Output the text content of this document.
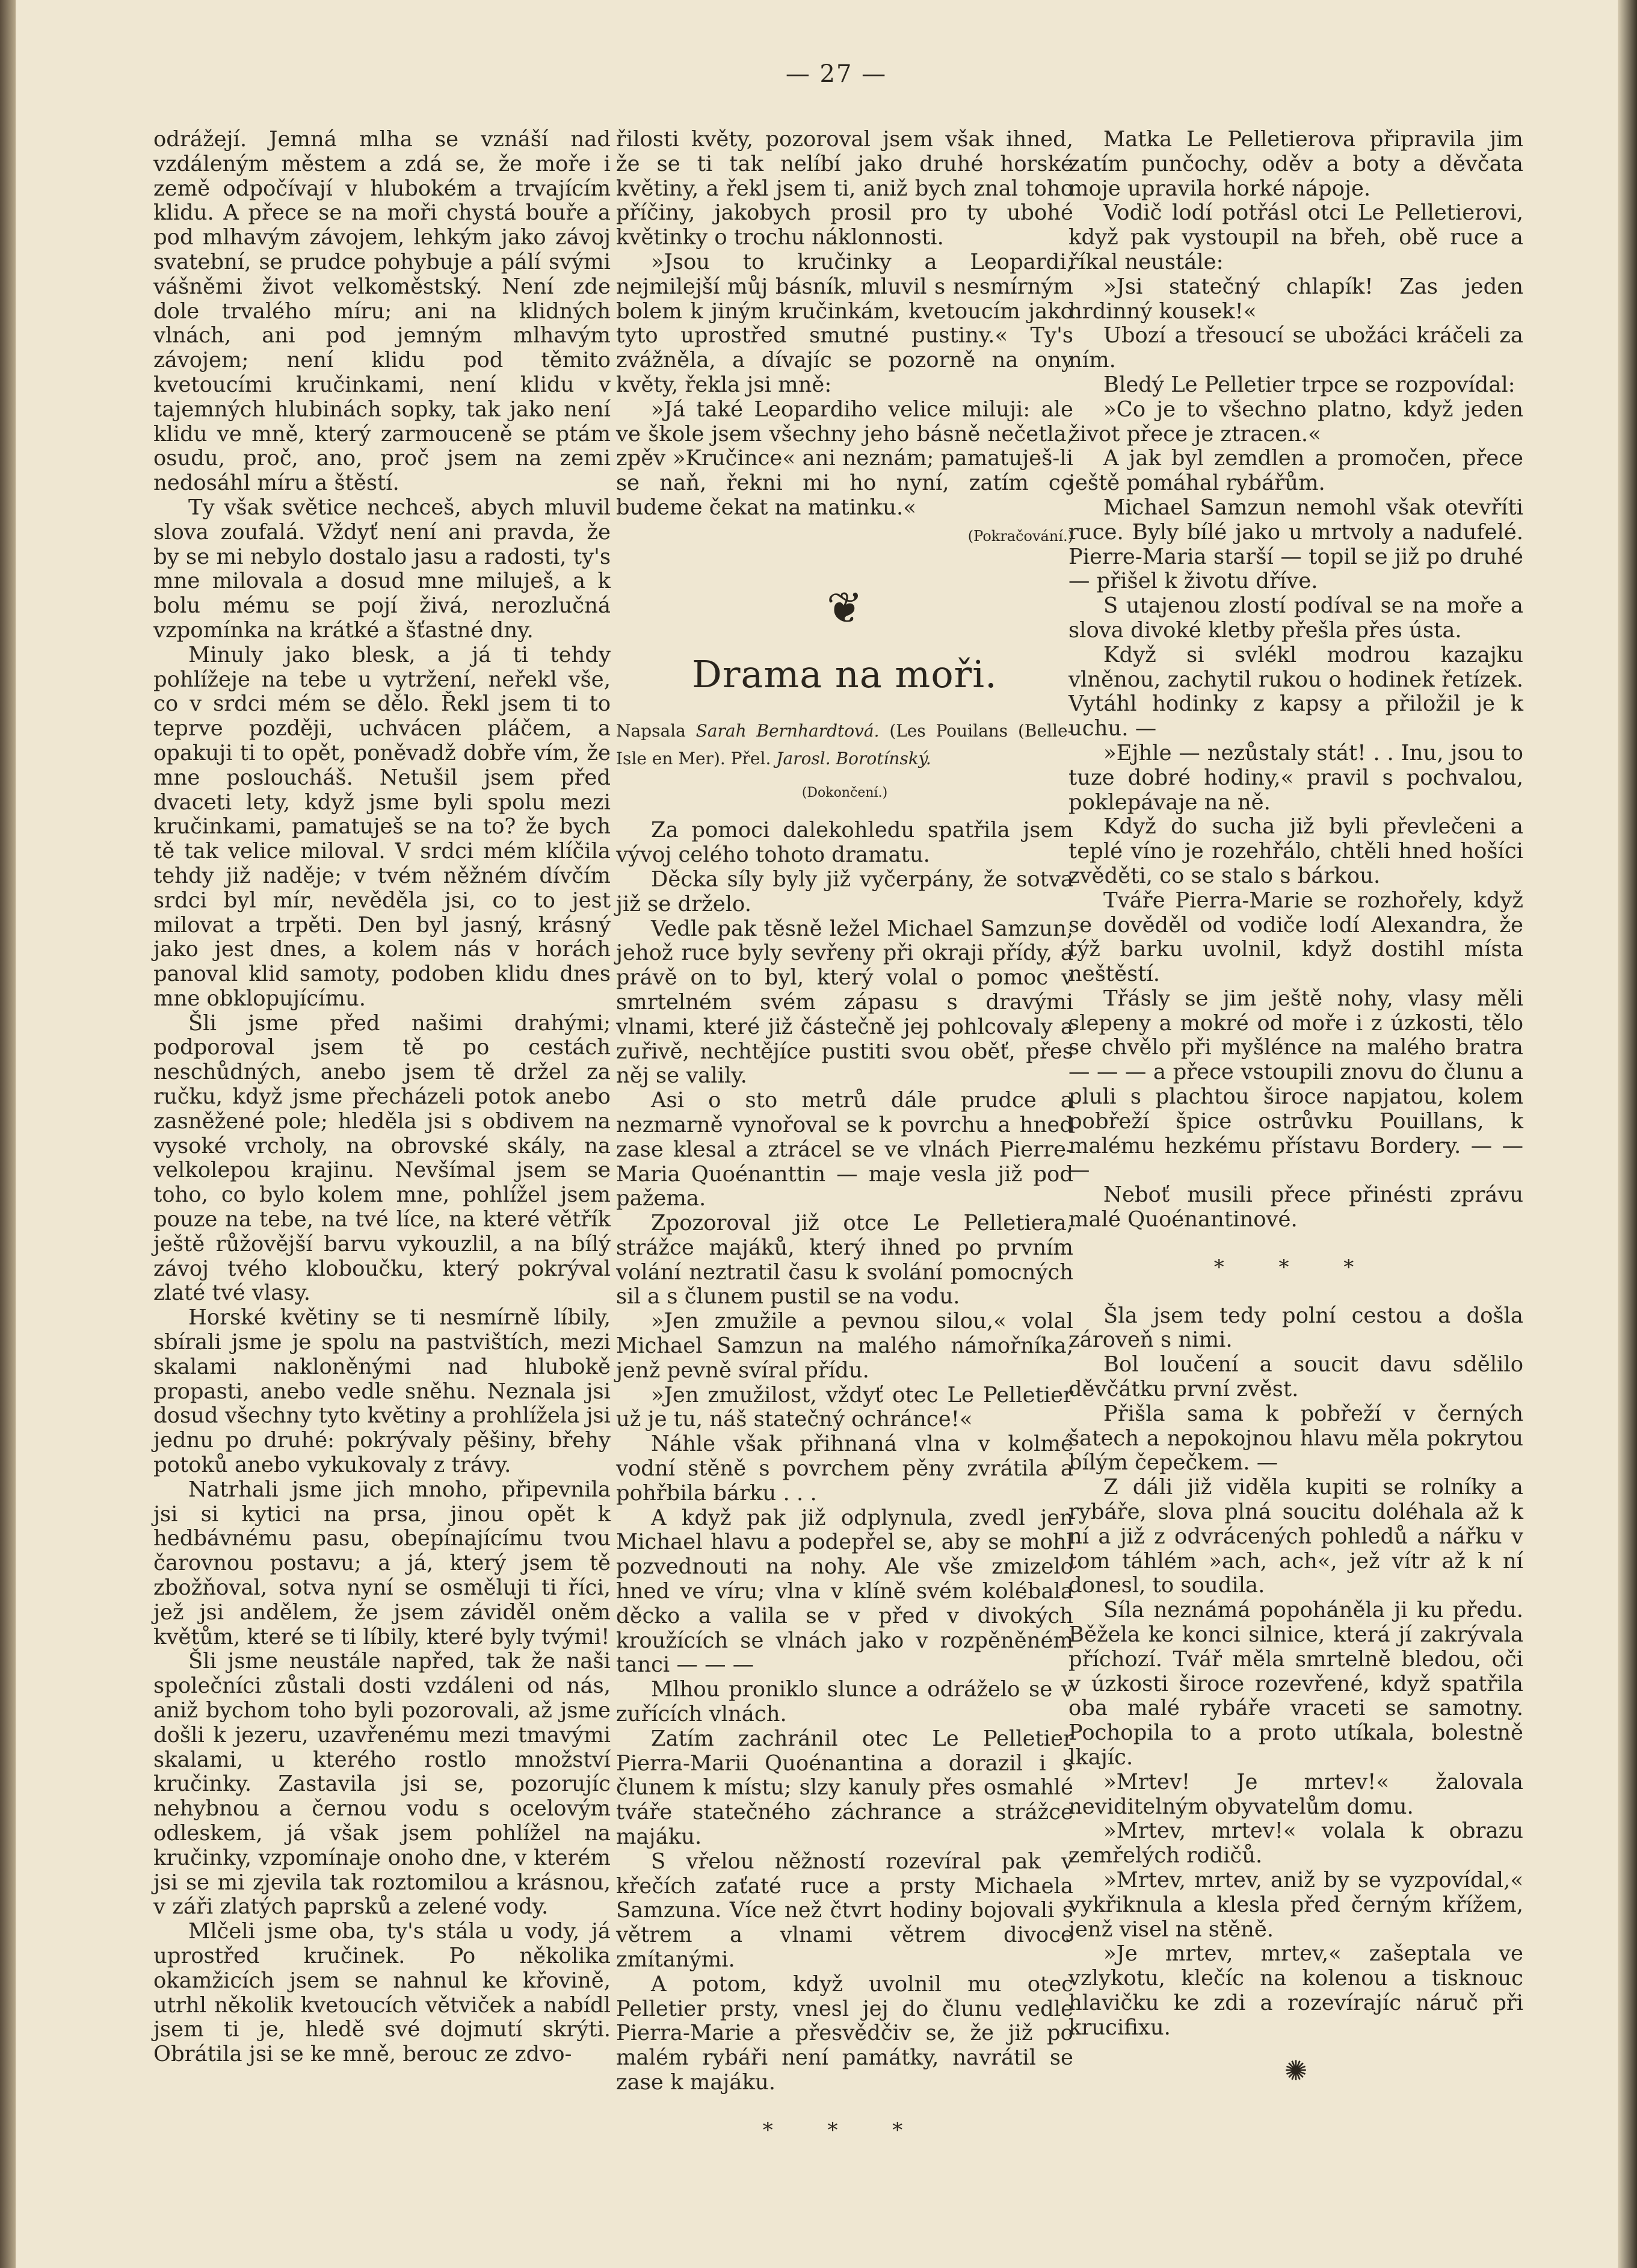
— 27 —

odrážejí. Jemná mlha se vznáší nad vzdáleným městem a zdá se, že moře i země odpočívají v hlubokém a trvajícím klidu. A přece se na moři chystá bouře a pod mlhavým závojem, lehkým jako závoj svatební, se prudce pohybuje a pálí svými vášněmi život velkoměstský. Není zde dole trvalého míru; ani na klidných vlnách, ani pod jemným mlhavým závojem; není klidu pod těmito kvetoucími kručinkami, není klidu v tajemných hlubinách sopky, tak jako není klidu ve mně, který zarmouceně se ptám osudu, proč, ano, proč jsem na zemi nedosáhl míru a štěstí.

Ty však světice nechceš, abych mluvil slova zoufalá. Vždyť není ani pravda, že by se mi nebylo dostalo jasu a radosti, ty's mne milovala a dosud mne miluješ, a k bolu mému se pojí živá, nerozlučná vzpomínka na krátké a šťastné dny.

Minuly jako blesk, a já ti tehdy pohlížeje na tebe u vytržení, neřekl vše, co v srdci mém se dělo. Řekl jsem ti to teprve později, uchvácen pláčem, a opakuji ti to opět, poněvadž dobře vím, že mne posloucháš. Netušil jsem před dvaceti lety, když jsme byli spolu mezi kručinkami, pamatuješ se na to? že bych tě tak velice miloval. V srdci mém klíčila tehdy již naděje; v tvém něžném dívčím srdci byl mír, nevěděla jsi, co to jest milovat a trpěti. Den byl jasný, krásný jako jest dnes, a kolem nás v horách panoval klid samoty, podoben klidu dnes mne obklopujícímu.

Šli jsme před našimi drahými; podporoval jsem tě po cestách neschůdných, anebo jsem tě držel za ručku, když jsme přecházeli potok anebo zasněžené pole; hleděla jsi s obdivem na vysoké vrcholy, na obrovské skály, na velkolepou krajinu. Nevšímal jsem se toho, co bylo kolem mne, pohlížel jsem pouze na tebe, na tvé líce, na které větřík ještě růžovější barvu vykouzlil, a na bílý závoj tvého kloboučku, který pokrýval zlaté tvé vlasy.

Horské květiny se ti nesmírně líbily, sbírali jsme je spolu na pastvištích, mezi skalami nakloněnými nad hlubokě propasti, anebo vedle sněhu. Neznala jsi dosud všechny tyto květiny a prohlížela jsi jednu po druhé: pokrývaly pěšiny, břehy potoků anebo vykukovaly z trávy.

Natrhali jsme jich mnoho, připevnila jsi si kytici na prsa, jinou opět k hedbávnému pasu, obepínajícímu tvou čarovnou postavu; a já, který jsem tě zbožňoval, sotva nyní se osměluji ti říci, jež jsi andělem, že jsem záviděl oněm květům, které se ti líbily, které byly tvými!

Šli jsme neustále napřed, tak že naši společníci zůstali dosti vzdáleni od nás, aniž bychom toho byli pozorovali, až jsme došli k jezeru, uzavřenému mezi tmavými skalami, u kterého rostlo množství kručinky. Zastavila jsi se, pozorujíc nehybnou a černou vodu s ocelovým odleskem, já však jsem pohlížel na kručinky, vzpomínaje onoho dne, v kterém jsi se mi zjevila tak roztomilou a krásnou, v záři zlatých paprsků a zelené vody.

Mlčeli jsme oba, ty's stála u vody, já uprostřed kručinek. Po několika okamžicích jsem se nahnul ke křovině, utrhl několik kvetoucích větviček a nabídl jsem ti je, hledě své dojmutí skrýti. Obrátila jsi se ke mně, berouc ze zdvo-

řilosti květy, pozoroval jsem však ihned, že se ti tak nelíbí jako druhé horské květiny, a řekl jsem ti, aniž bych znal toho příčiny, jakobych prosil pro ty ubohé květinky o trochu náklonnosti.

»Jsou to kručinky a Leopardi, nejmilejší můj básník, mluvil s nesmírným bolem k jiným kručinkám, kvetoucím jako tyto uprostřed smutné pustiny.« Ty's zvážněla, a dívajíc se pozorně na ony květy, řekla jsi mně:

»Já také Leopardiho velice miluji: ale ve škole jsem všechny jeho básně nečetla, zpěv »Kručince« ani neznám; pamatuješ-li se naň, řekni mi ho nyní, zatím co budeme čekat na matinku.«

(Pokračování.)
❦
Drama na moři.
Napsala Sarah Bernhardtová. (Les Pouilans (Belle-Isle en Mer). Přel. Jarosl. Borotínský.
(Dokončení.)

Za pomoci dalekohledu spatřila jsem vývoj celého tohoto dramatu.

Děcka síly byly již vyčerpány, že sotva již se drželo.

Vedle pak těsně ležel Michael Samzun, jehož ruce byly sevřeny při okraji přídy, a právě on to byl, který volal o pomoc v smrtelném svém zápasu s dravými vlnami, které již částečně jej pohlcovaly a zuřivě, nechtějíce pustiti svou oběť, přes něj se valily.

Asi o sto metrů dále prudce a nezmarně vynořoval se k povrchu a hned zase klesal a ztrácel se ve vlnách Pierre-Maria Quoénanttin — maje vesla již pod pažema.

Zpozoroval již otce Le Pelletiera, strážce majáků, který ihned po prvním volání neztratil času k svolání pomocných sil a s člunem pustil se na vodu.

»Jen zmužile a pevnou silou,« volal Michael Samzun na malého námořníka, jenž pevně svíral přídu.

»Jen zmužilost, vždyť otec Le Pelletier už je tu, náš statečný ochránce!«

Náhle však přihnaná vlna v kolmé vodní stěně s povrchem pěny zvrátila a pohřbila bárku . . .

A když pak již odplynula, zvedl jen Michael hlavu a podepřel se, aby se mohl pozvednouti na nohy. Ale vše zmizelo hned ve víru; vlna v klíně svém kolébala děcko a valila se v před v divokých kroužících se vlnách jako v rozpěněném tanci — — —

Mlhou proniklo slunce a odráželo se v zuřících vlnách.

Zatím zachránil otec Le Pelletier Pierra-Marii Quoénantina a dorazil i s člunem k místu; slzy kanuly přes osmahlé tváře statečného záchrance a strážce majáku.

S vřelou něžností rozevíral pak v křečích zaťaté ruce a prsty Michaela Samzuna. Více než čtvrt hodiny bojovali s větrem a vlnami větrem divoce zmítanými.

A potom, když uvolnil mu otec Pelletier prsty, vnesl jej do člunu vedle Pierra-Marie a přesvědčiv se, že již po malém rybáři není památky, navrátil se zase k majáku.

* * *

Matka Le Pelletierova připravila jim zatím punčochy, oděv a boty a děvčata moje upravila horké nápoje.

Vodič lodí potřásl otci Le Pelletierovi, když pak vystoupil na břeh, obě ruce a říkal neustále:

»Jsi statečný chlapík! Zas jeden hrdinný kousek!«

Ubozí a třesoucí se ubožáci kráčeli za ním.

Bledý Le Pelletier trpce se rozpovídal:

»Co je to všechno platno, když jeden život přece je ztracen.«

A jak byl zemdlen a promočen, přece ještě pomáhal rybářům.

Michael Samzun nemohl však otevříti ruce. Byly bílé jako u mrtvoly a nadufelé. Pierre-Maria starší — topil se již po druhé — přišel k životu dříve.

S utajenou zlostí podíval se na moře a slova divoké kletby přešla přes ústa.

Když si svlékl modrou kazajku vlněnou, zachytil rukou o hodinek řetízek. Vytáhl hodinky z kapsy a přiložil je k uchu. —

»Ejhle — nezůstaly stát! . . Inu, jsou to tuze dobré hodiny,« pravil s pochvalou, poklepávaje na ně.

Když do sucha již byli převlečeni a teplé víno je rozehřálo, chtěli hned hošíci zvěděti, co se stalo s bárkou.

Tváře Pierra-Marie se rozhořely, když se dověděl od vodiče lodí Alexandra, že týž barku uvolnil, když dostihl místa neštěstí.

Třásly se jim ještě nohy, vlasy měli slepeny a mokré od moře i z úzkosti, tělo se chvělo při myšlénce na malého bratra — — — a přece vstoupili znovu do člunu a pluli s plachtou široce napjatou, kolem pobřeží špice ostrůvku Pouillans, k malému hezkému přístavu Bordery. — — —

Neboť musili přece přinésti zprávu malé Quoénantinové.

* * *

Šla jsem tedy polní cestou a došla zároveň s nimi.

Bol loučení a soucit davu sdělilo děvčátku první zvěst.

Přišla sama k pobřeží v černých šatech a nepokojnou hlavu měla pokrytou bílým čepečkem. —

Z dáli již viděla kupiti se rolníky a rybáře, slova plná soucitu doléhala až k ní a již z odvrácených pohledů a nářku v tom táhlém »ach, ach«, jež vítr až k ní donesl, to soudila.

Síla neznámá popoháněla ji ku předu. Běžela ke konci silnice, která jí zakrývala příchozí. Tvář měla smrtelně bledou, oči v úzkosti široce rozevřené, když spatřila oba malé rybáře vraceti se samotny. Pochopila to a proto utíkala, bolestně lkajíc.

»Mrtev! Je mrtev!« žalovala neviditelným obyvatelům domu.

»Mrtev, mrtev!« volala k obrazu zemřelých rodičů.

»Mrtev, mrtev, aniž by se vyzpovídal,« vykřiknula a klesla před černým křížem, jenž visel na stěně.

»Je mrtev, mrtev,« zašeptala ve vzlykotu, klečíc na kolenou a tisknouc hlavičku ke zdi a rozevírajíc náruč při krucifixu.

✺
